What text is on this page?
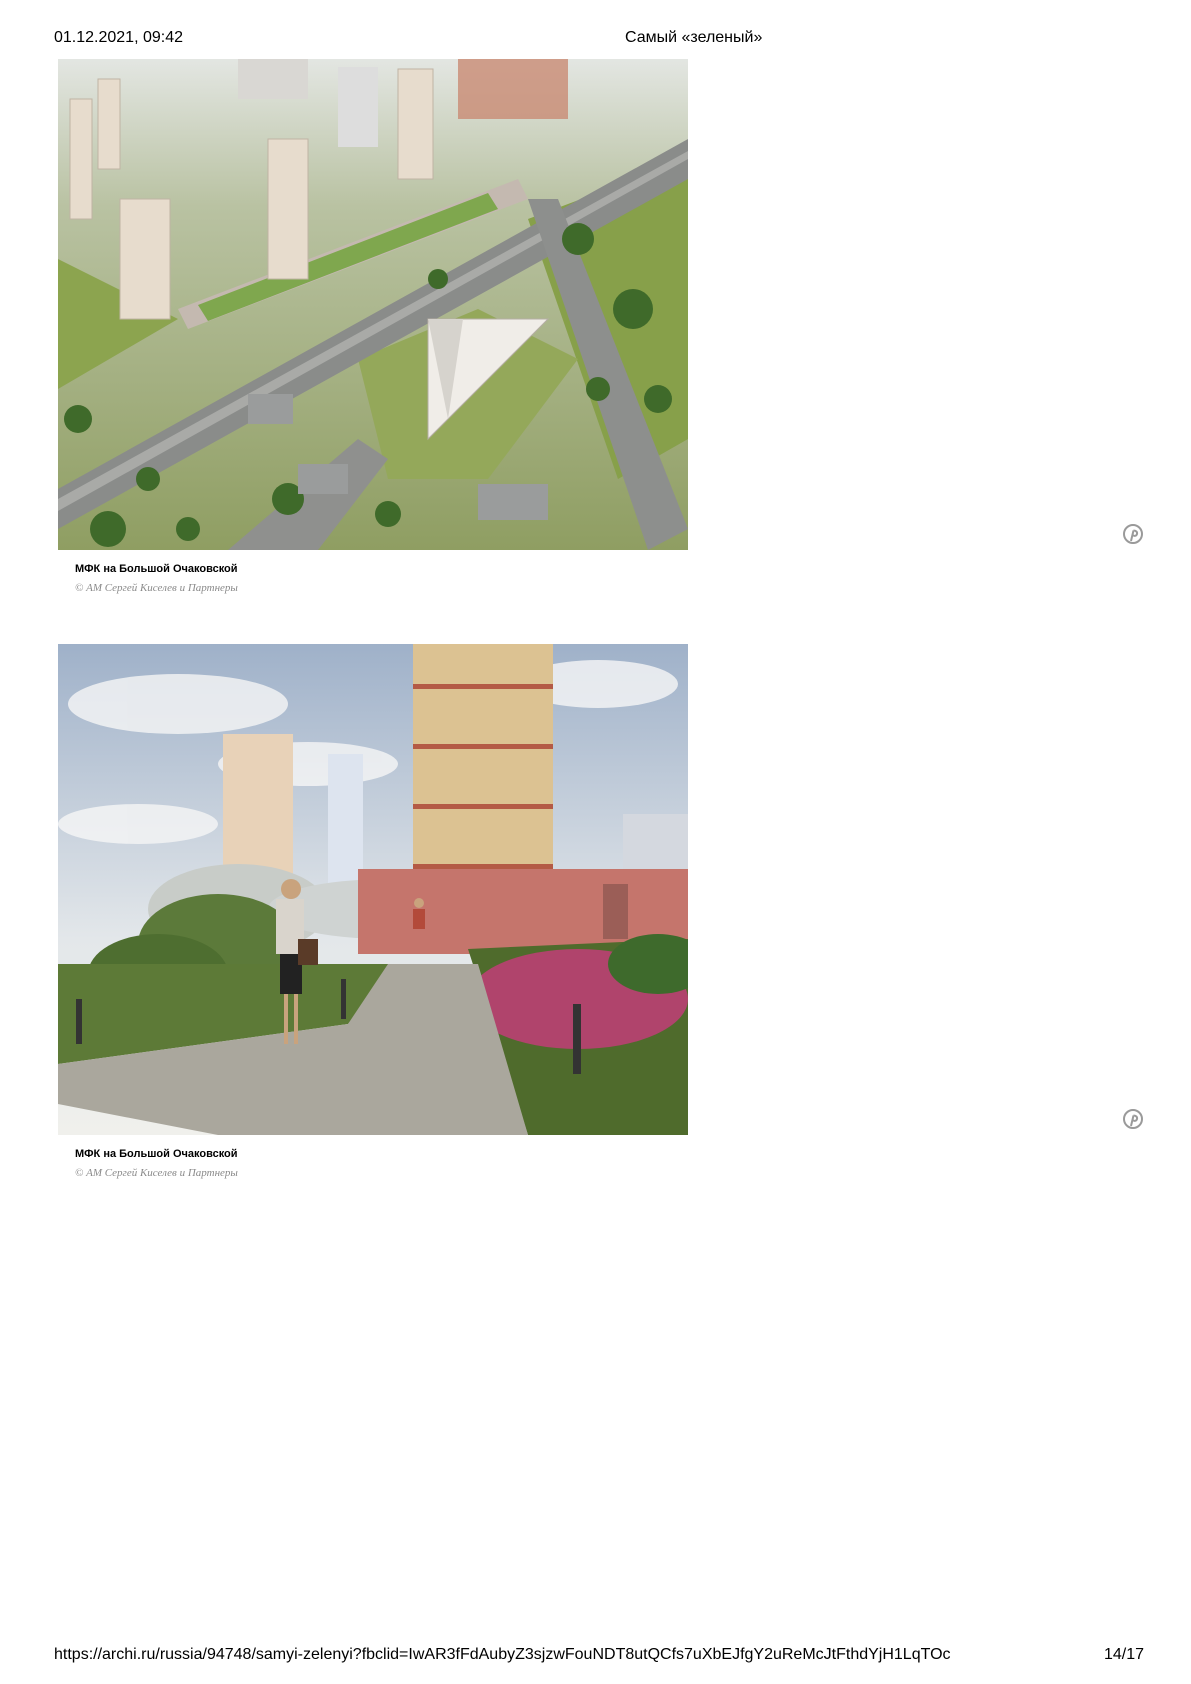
01.12.2021, 09:42	Самый «зеленый»
МФК на Большой Очаковской
© АМ Сергей Киселев и Партнеры
МФК на Большой Очаковской
© АМ Сергей Киселев и Партнеры
https://archi.ru/russia/94748/samyi-zelenyi?fbclid=IwAR3fFdAubyZ3sjzwFouNDT8utQCfs7uXbEJfgY2uReMcJtFthdYjH1LqTOc	14/17
